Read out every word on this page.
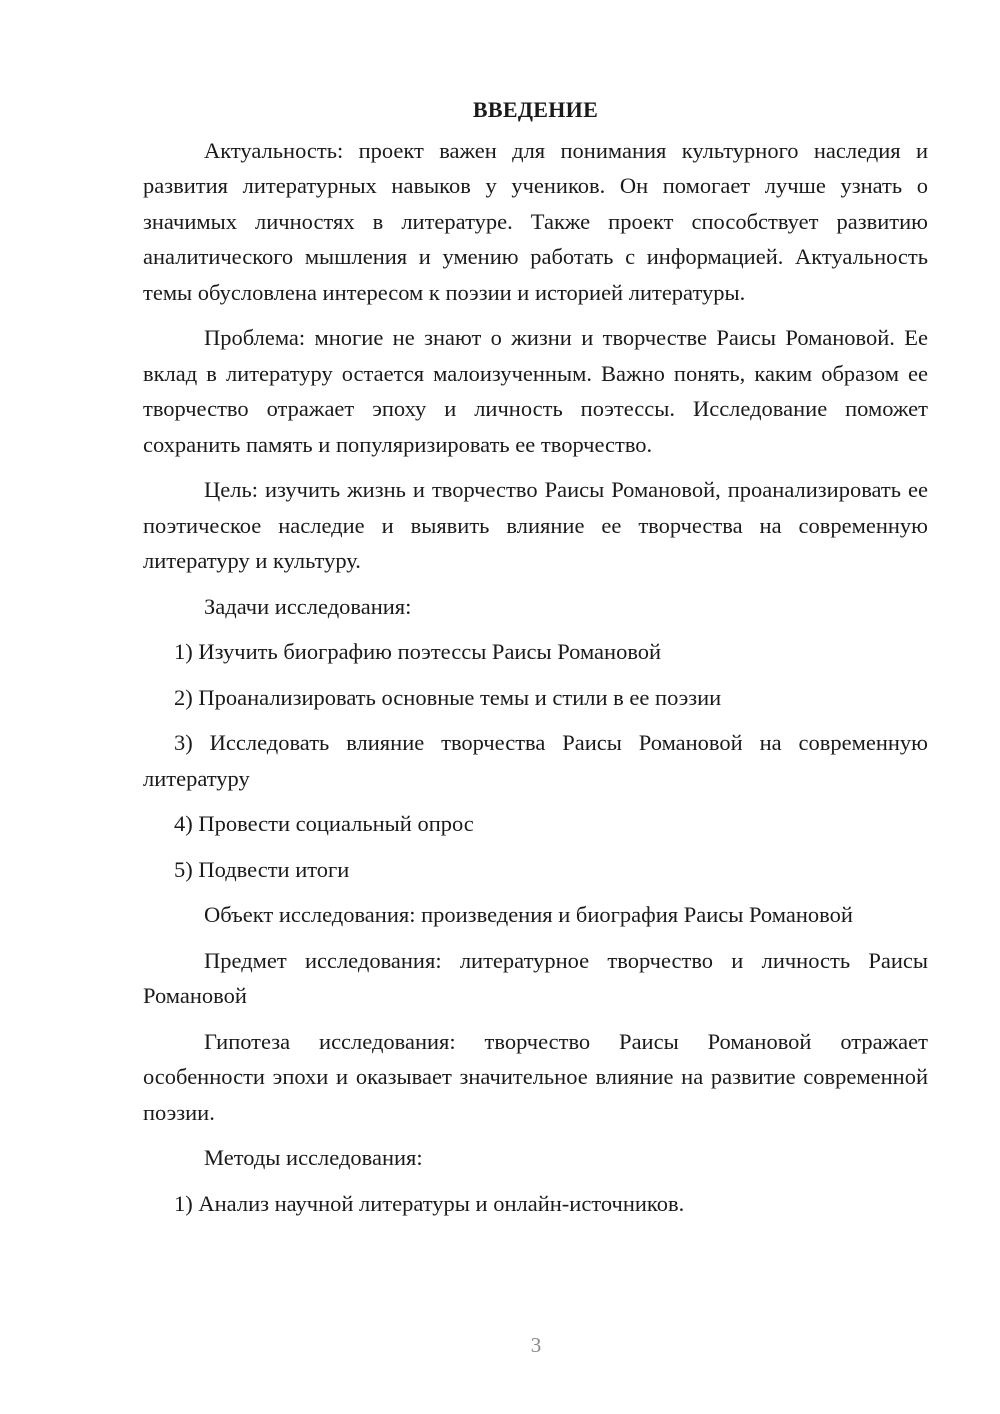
ВВЕДЕНИЕ

Актуальность: проект важен для понимания культурного наследия и развития литературных навыков у учеников. Он помогает лучше узнать о значимых личностях в литературе. Также проект способствует развитию аналитического мышления и умению работать с информацией. Актуальность темы обусловлена интересом к поэзии и историей литературы.

Проблема: многие не знают о жизни и творчестве Раисы Романовой. Ее вклад в литературу остается малоизученным. Важно понять, каким образом ее творчество отражает эпоху и личность поэтессы. Исследование поможет сохранить память и популяризировать ее творчество.

Цель: изучить жизнь и творчество Раисы Романовой, проанализировать ее поэтическое наследие и выявить влияние ее творчества на современную литературу и культуру.

Задачи исследования:

1) Изучить биографию поэтессы Раисы Романовой

2) Проанализировать основные темы и стили в ее поэзии

3) Исследовать влияние творчества Раисы Романовой на современную литературу

4) Провести социальный опрос

5) Подвести итоги

Объект исследования: произведения и биография Раисы Романовой

Предмет исследования: литературное творчество и личность Раисы Романовой

Гипотеза исследования: творчество Раисы Романовой отражает особенности эпохи и оказывает значительное влияние на развитие современной поэзии.

Методы исследования:

1) Анализ научной литературы и онлайн-источников.

3
